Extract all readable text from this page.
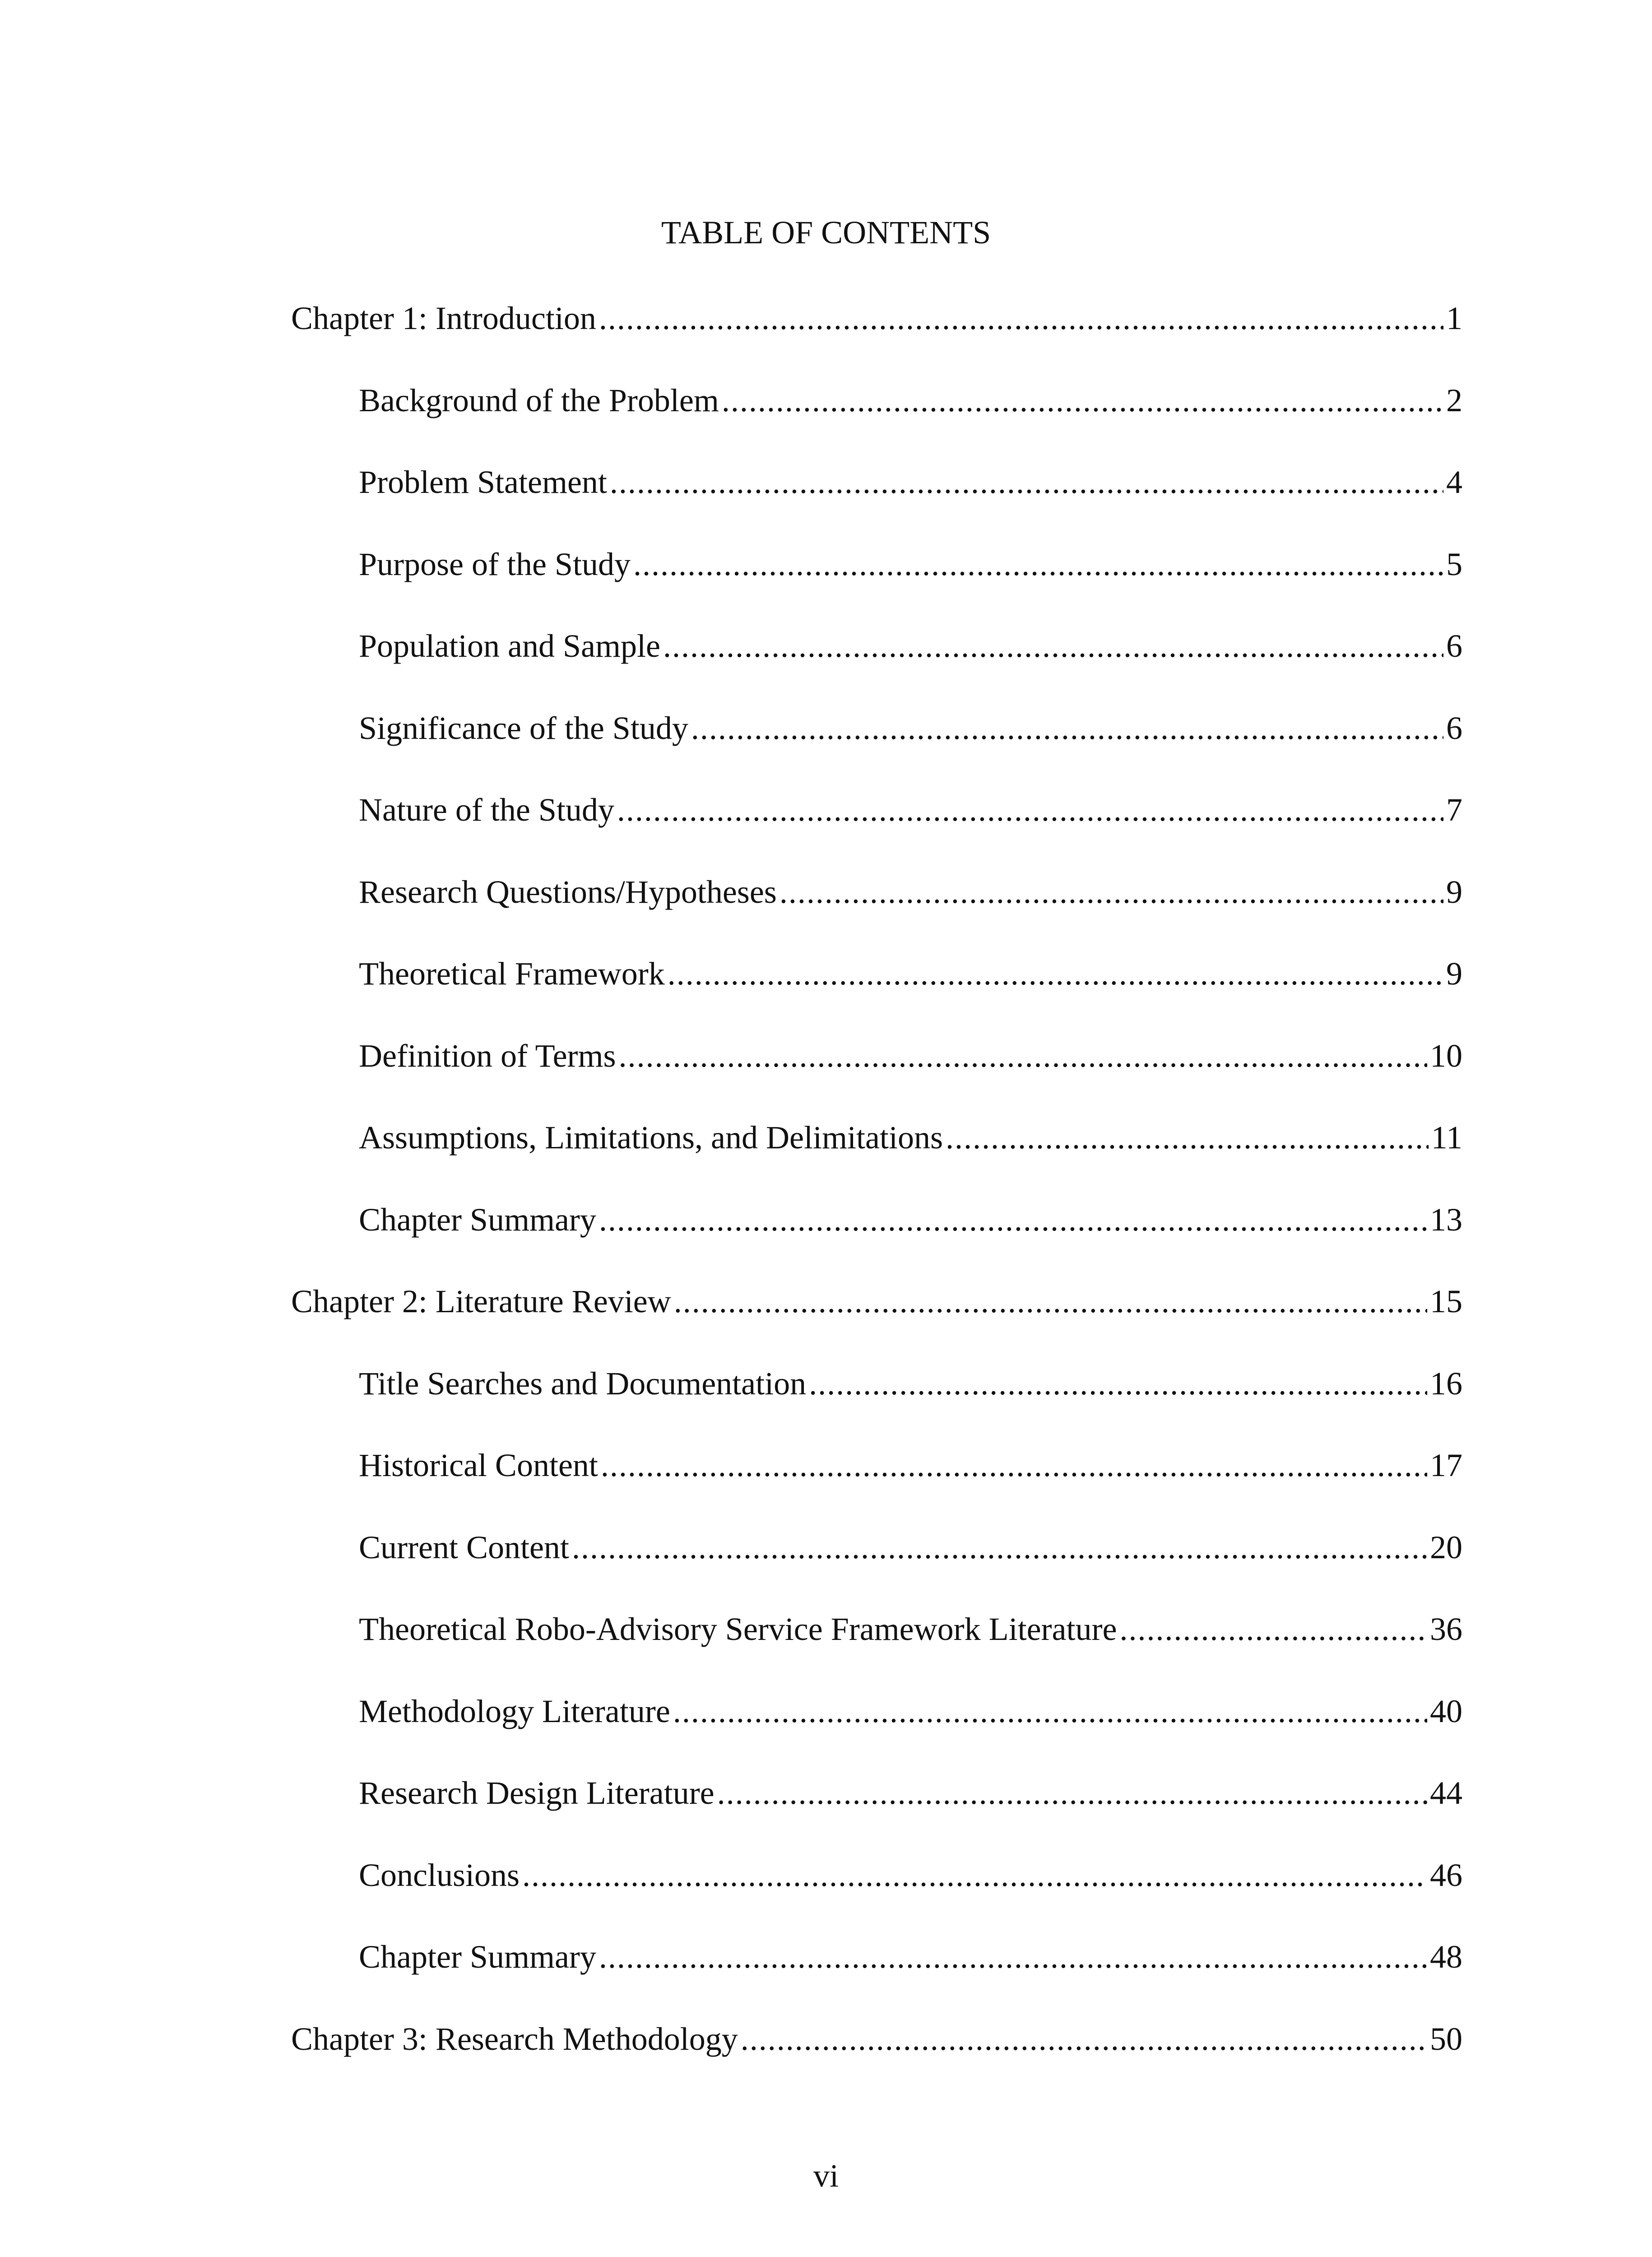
TABLE OF CONTENTS
Chapter 1: Introduction .....	1
Background of the Problem .....	2
Problem Statement .....	4
Purpose of the Study .....	5
Population and Sample .....	6
Significance of the Study .....	6
Nature of the Study .....	7
Research Questions/Hypotheses .....	9
Theoretical Framework .....	9
Definition of Terms .....	10
Assumptions, Limitations, and Delimitations .....	11
Chapter Summary .....	13
Chapter 2: Literature Review .....	15
Title Searches and Documentation .....	16
Historical Content .....	17
Current Content .....	20
Theoretical Robo-Advisory Service Framework Literature .....	36
Methodology Literature .....	40
Research Design Literature .....	44
Conclusions .....	46
Chapter Summary .....	48
Chapter 3: Research Methodology .....	50
vi
